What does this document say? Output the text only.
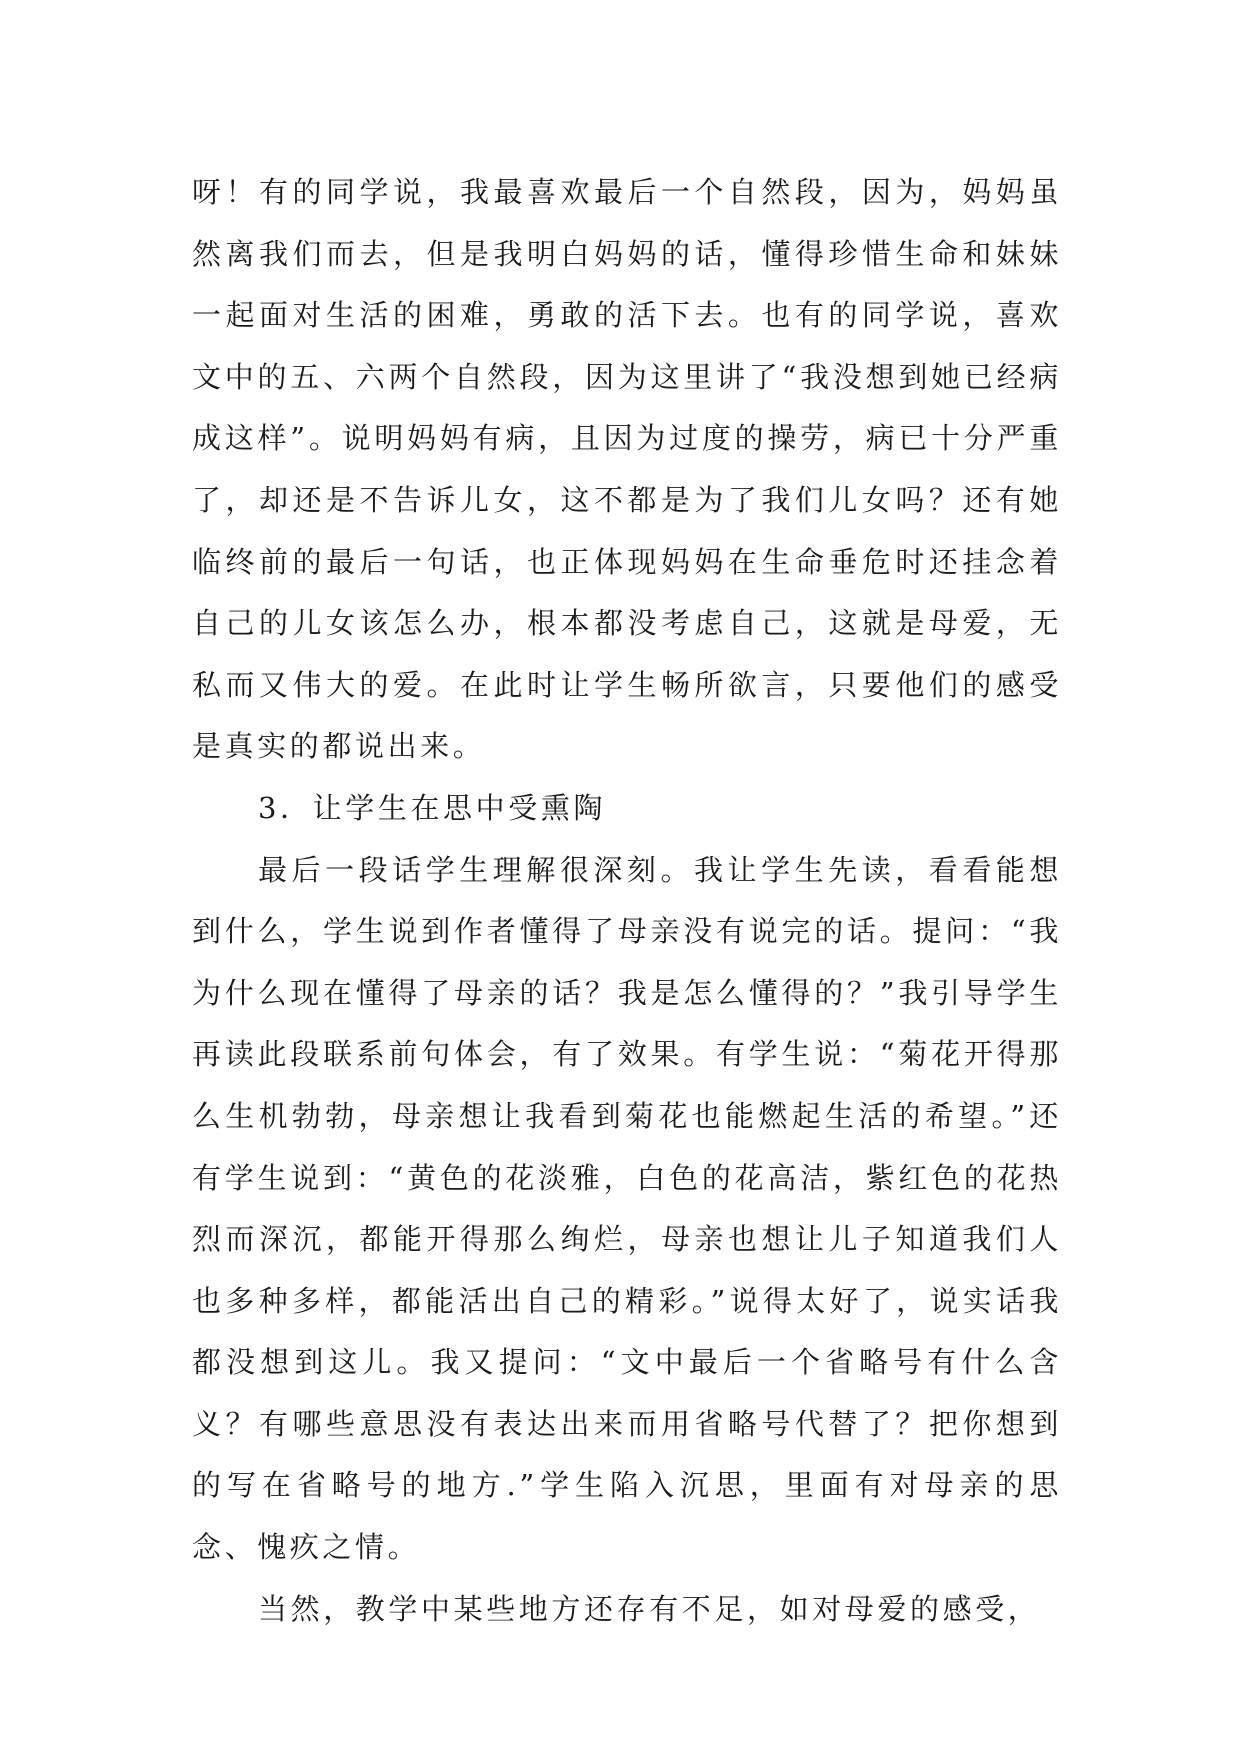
呀！有的同学说，我最喜欢最后一个自然段，因为，妈妈虽然离我们而去，但是我明白妈妈的话，懂得珍惜生命和妹妹一起面对生活的困难，勇敢的活下去。也有的同学说，喜欢文中的五、六两个自然段，因为这里讲了“我没想到她已经病成这样”。说明妈妈有病，且因为过度的操劳，病已十分严重了，却还是不告诉儿女，这不都是为了我们儿女吗？还有她临终前的最后一句话，也正体现妈妈在生命垂危时还挂念着自己的儿女该怎么办，根本都没考虑自己，这就是母爱，无私而又伟大的爱。在此时让学生畅所欲言，只要他们的感受是真实的都说出来。

3．让学生在思中受熏陶

最后一段话学生理解很深刻。我让学生先读，看看能想到什么，学生说到作者懂得了母亲没有说完的话。提问：“我为什么现在懂得了母亲的话？我是怎么懂得的？”我引导学生再读此段联系前句体会，有了效果。有学生说：“菊花开得那么生机勃勃，母亲想让我看到菊花也能燃起生活的希望。”还有学生说到：“黄色的花淡雅，白色的花高洁，紫红色的花热烈而深沉，都能开得那么绚烂，母亲也想让儿子知道我们人也多种多样，都能活出自己的精彩。”说得太好了，说实话我都没想到这儿。我又提问：“文中最后一个省略号有什么含义？有哪些意思没有表达出来而用省略号代替了？把你想到的写在省略号的地方.”学生陷入沉思，里面有对母亲的思念、愧疚之情。

当然，教学中某些地方还存有不足，如对母爱的感受，
